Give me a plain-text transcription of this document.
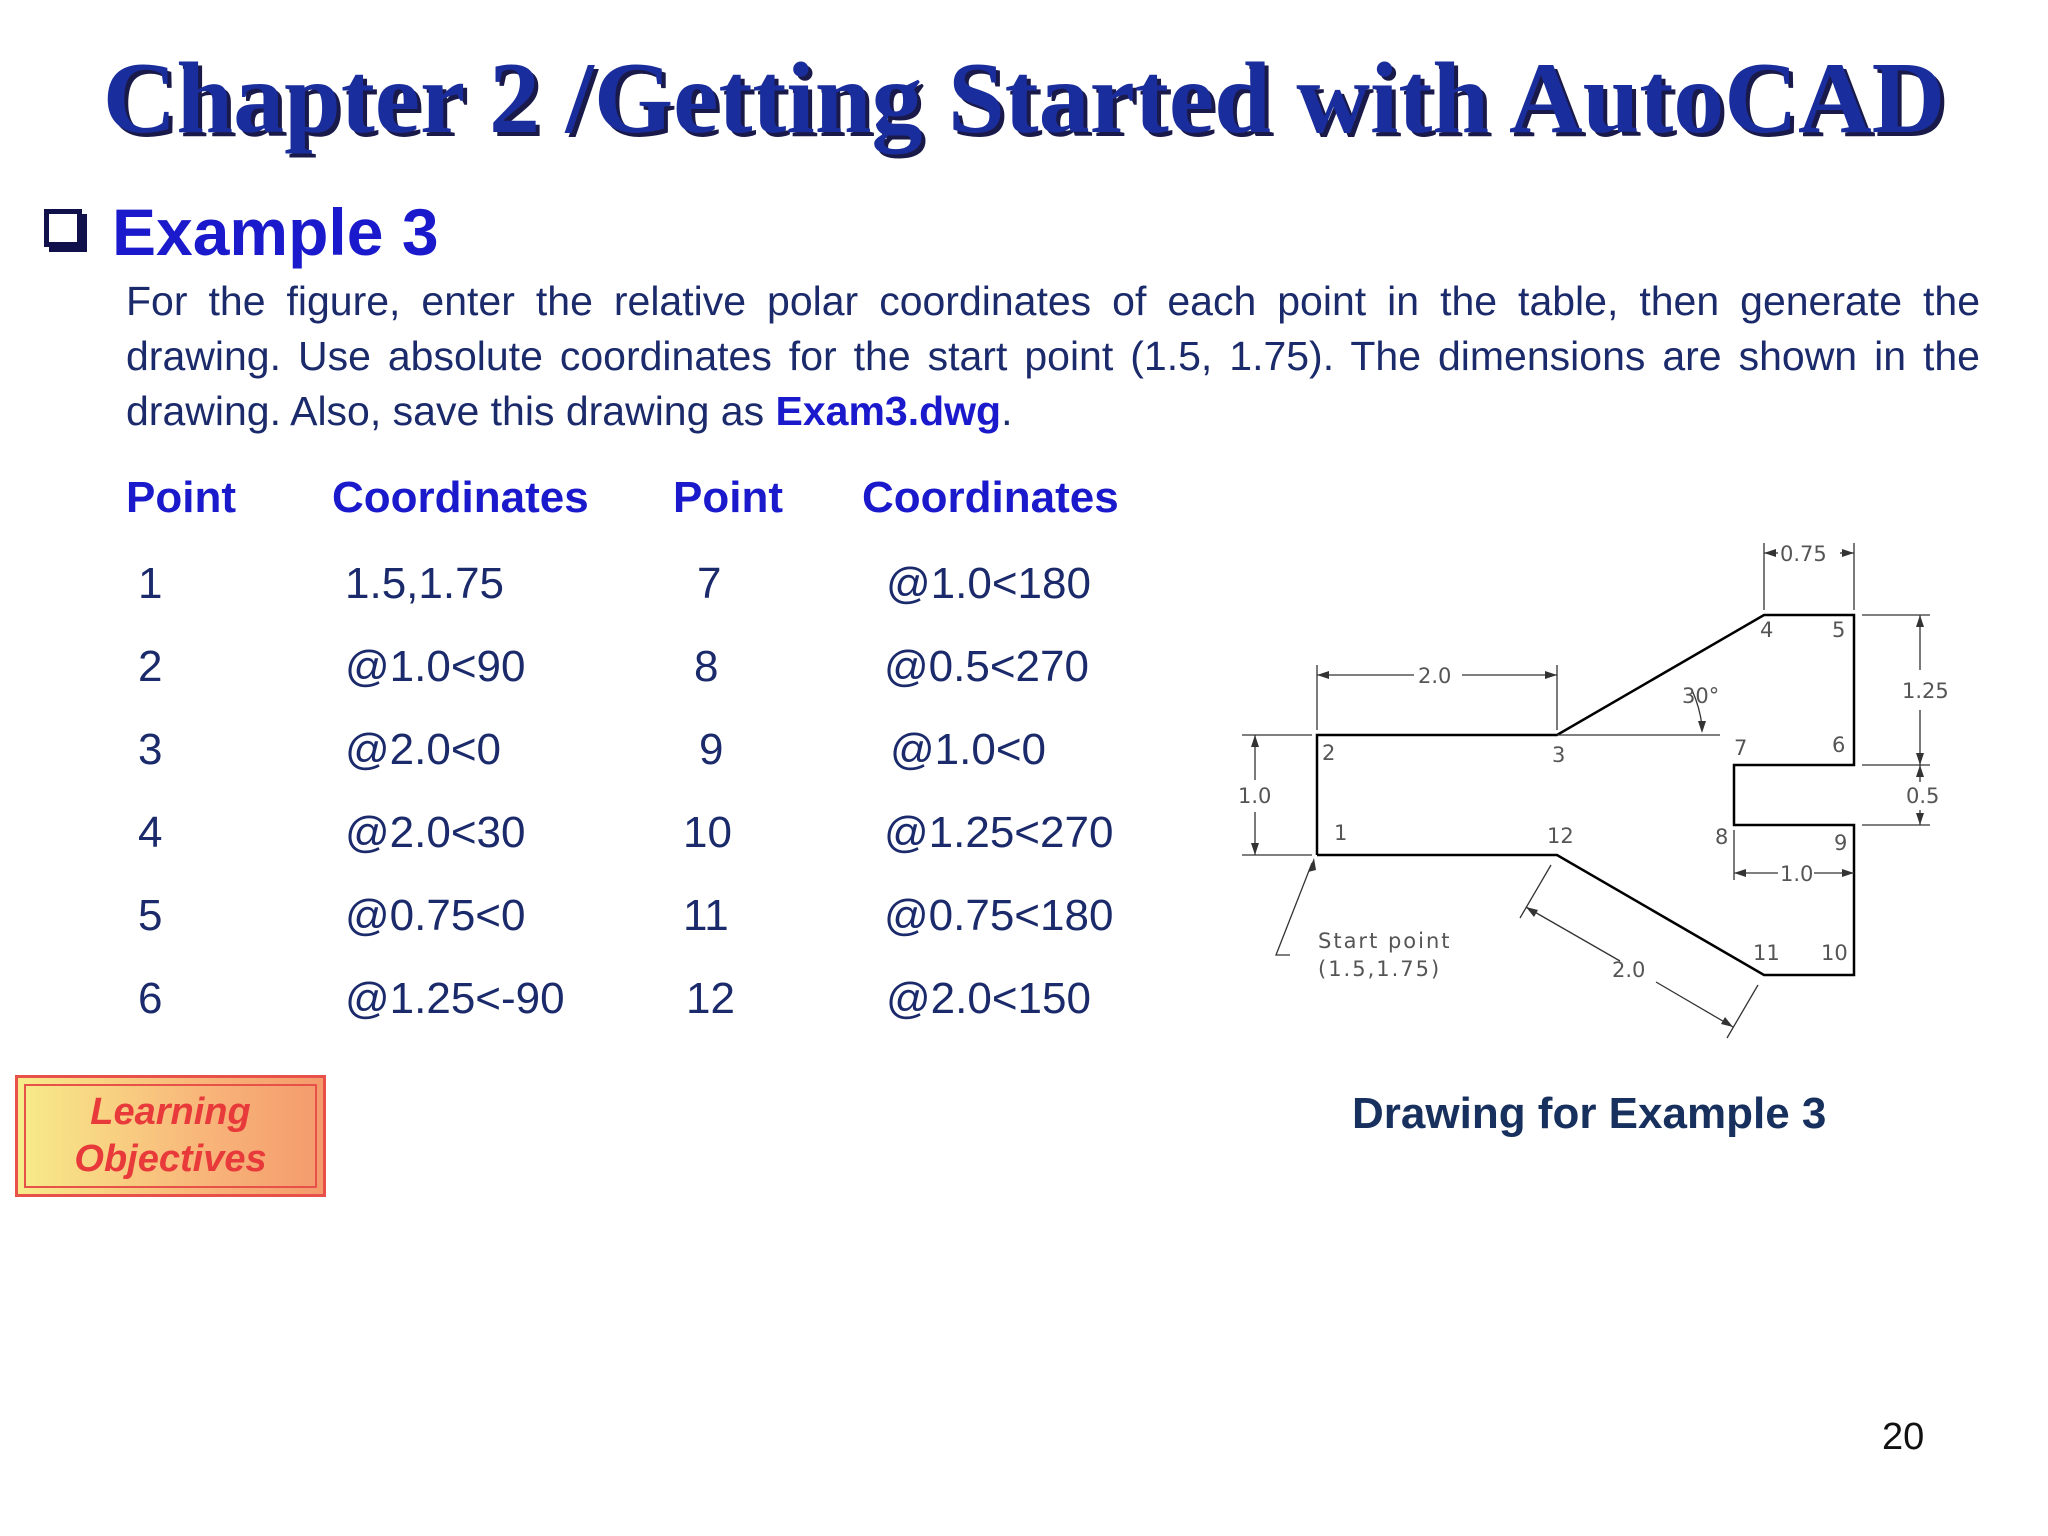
Chapter 2 /Getting Started with AutoCAD
Example 3

For the figure, enter the relative polar coordinates of each point in the table, then generate the drawing. Use absolute coordinates for the start point (1.5, 1.75). The dimensions are shown in the drawing. Also, save this drawing as Exam3.dwg.

Point Coordinates Point Coordinates
1	1.5,1.75	7	@1.0<180
2	@1.0<90	8	@0.5<270
3	@2.0<0	9	@1.0<0
4	@2.0<30	10	@1.25<270
5	@0.75<0	11	@0.75<180
6	@1.25<-90	12	@2.0<150
0.75
2.0
30°	1.25
1.0	0.5
1.0
2.0
Start point
(1.5,1.75)
1
2	3
4	5
6
7
8	9
10
11
12
Drawing for Example 3
Learning
Objectives
20
